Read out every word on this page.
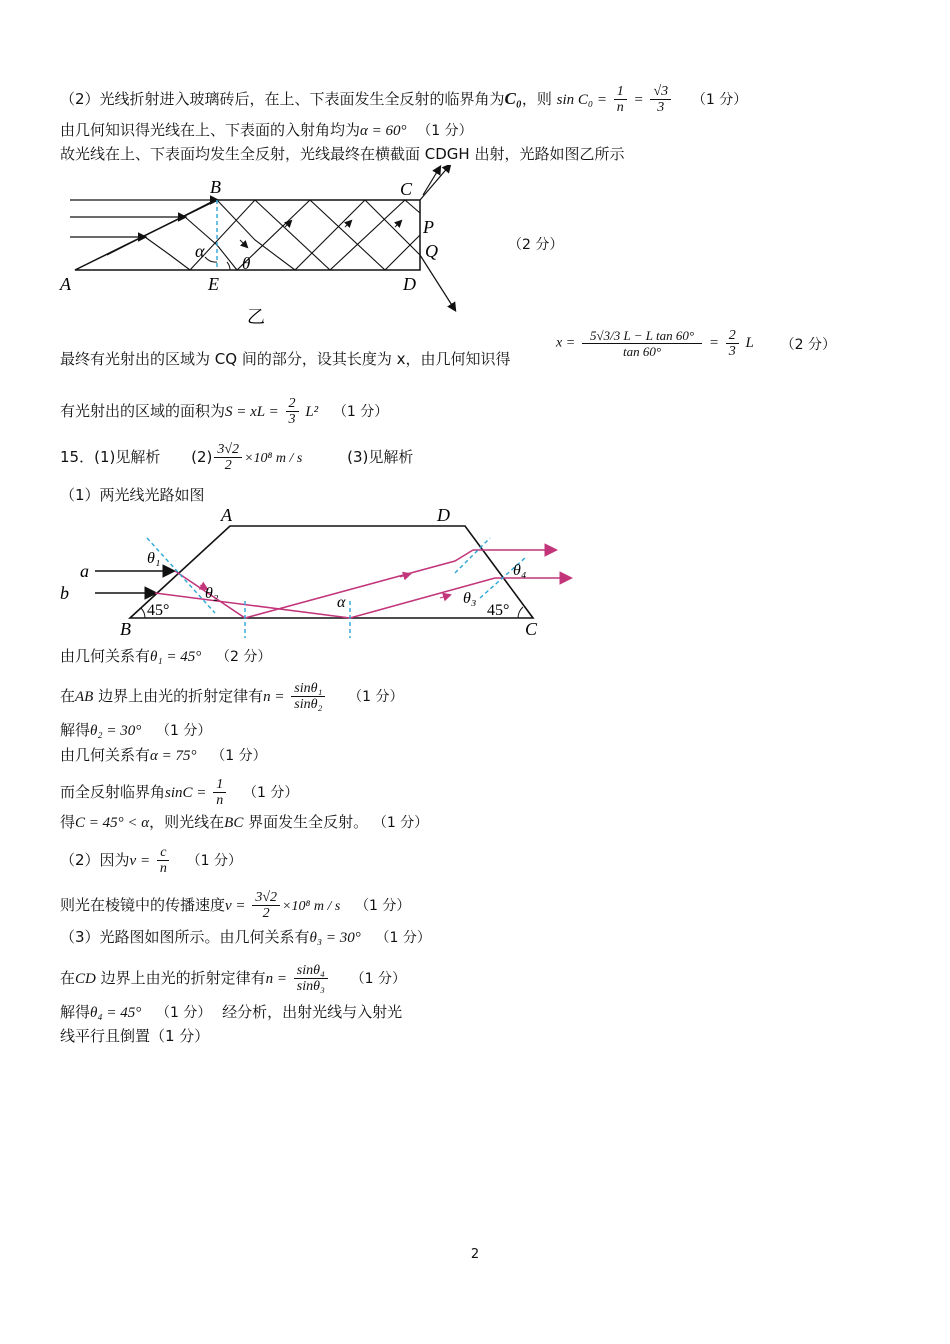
（2）光线折射进入玻璃砖后，在上、下表面发生全反射的临界角为C₀，则 $\sin C_0 = \frac{1}{n} = \frac{√3}{3} (1$ 分）
由几何知识得光线在上、下表面的入射角均为α = 60° （1 分）
故光线在上、下表面均发生全反射，光线最终在横截面 CDGH 出射，光路如图乙所示
A
B	C
D
E
P
Q
α
θ
乙
（2 分）
最终有光射出的区域为 CQ 间的部分，设其长度为 x，由几何知识得
$x = \frac{\text{5√3/3 L − L tan 60°}}{\tan 60^\circ} = \frac{2}{3}$ L （2 分）
有光射出的区域的面积为S = xL = $\frac{2}{3} L^2$ （1 分）
15．(1)见解析 $(2) \frac{3√2}{2} \times 10^8$ m / s	(3)见解析
（1）两光线光路如图
B
A	D
C
a
b
θ₁
θ₂	θ₃
θ₄
α
45°	45°
由几何关系有θ₁ = 45° （2 分）
在AB 边界上由光的折射定律有$n = \frac{\text{sinθ₁}}{\text{sinθ₂}} (1$ 分）
解得θ₂ = 30° （1 分）
由几何关系有α = 75° （1 分）
而全反射临界角$\sin C = \frac{1}{n} (1$ 分）
得C = 45° < α，则光线在BC 界面发生全反射。 （1 分）
（2）因为$v = \frac{c}{n} (1$ 分）
则光在棱镜中的传播速度$v = \frac{3√2}{2} \times 10^8$ m / s （1 分）
（3）光路图如图所示。由几何关系有θ₃ = 30° （1 分）
在CD 边界上由光的折射定律有$n = \frac{\text{sinθ₄}}{\text{sinθ₃}} (1$ 分）
解得θ₄ = 45° （1 分） 经分析，出射光线与入射光
线平行且倒置（1 分）
2
